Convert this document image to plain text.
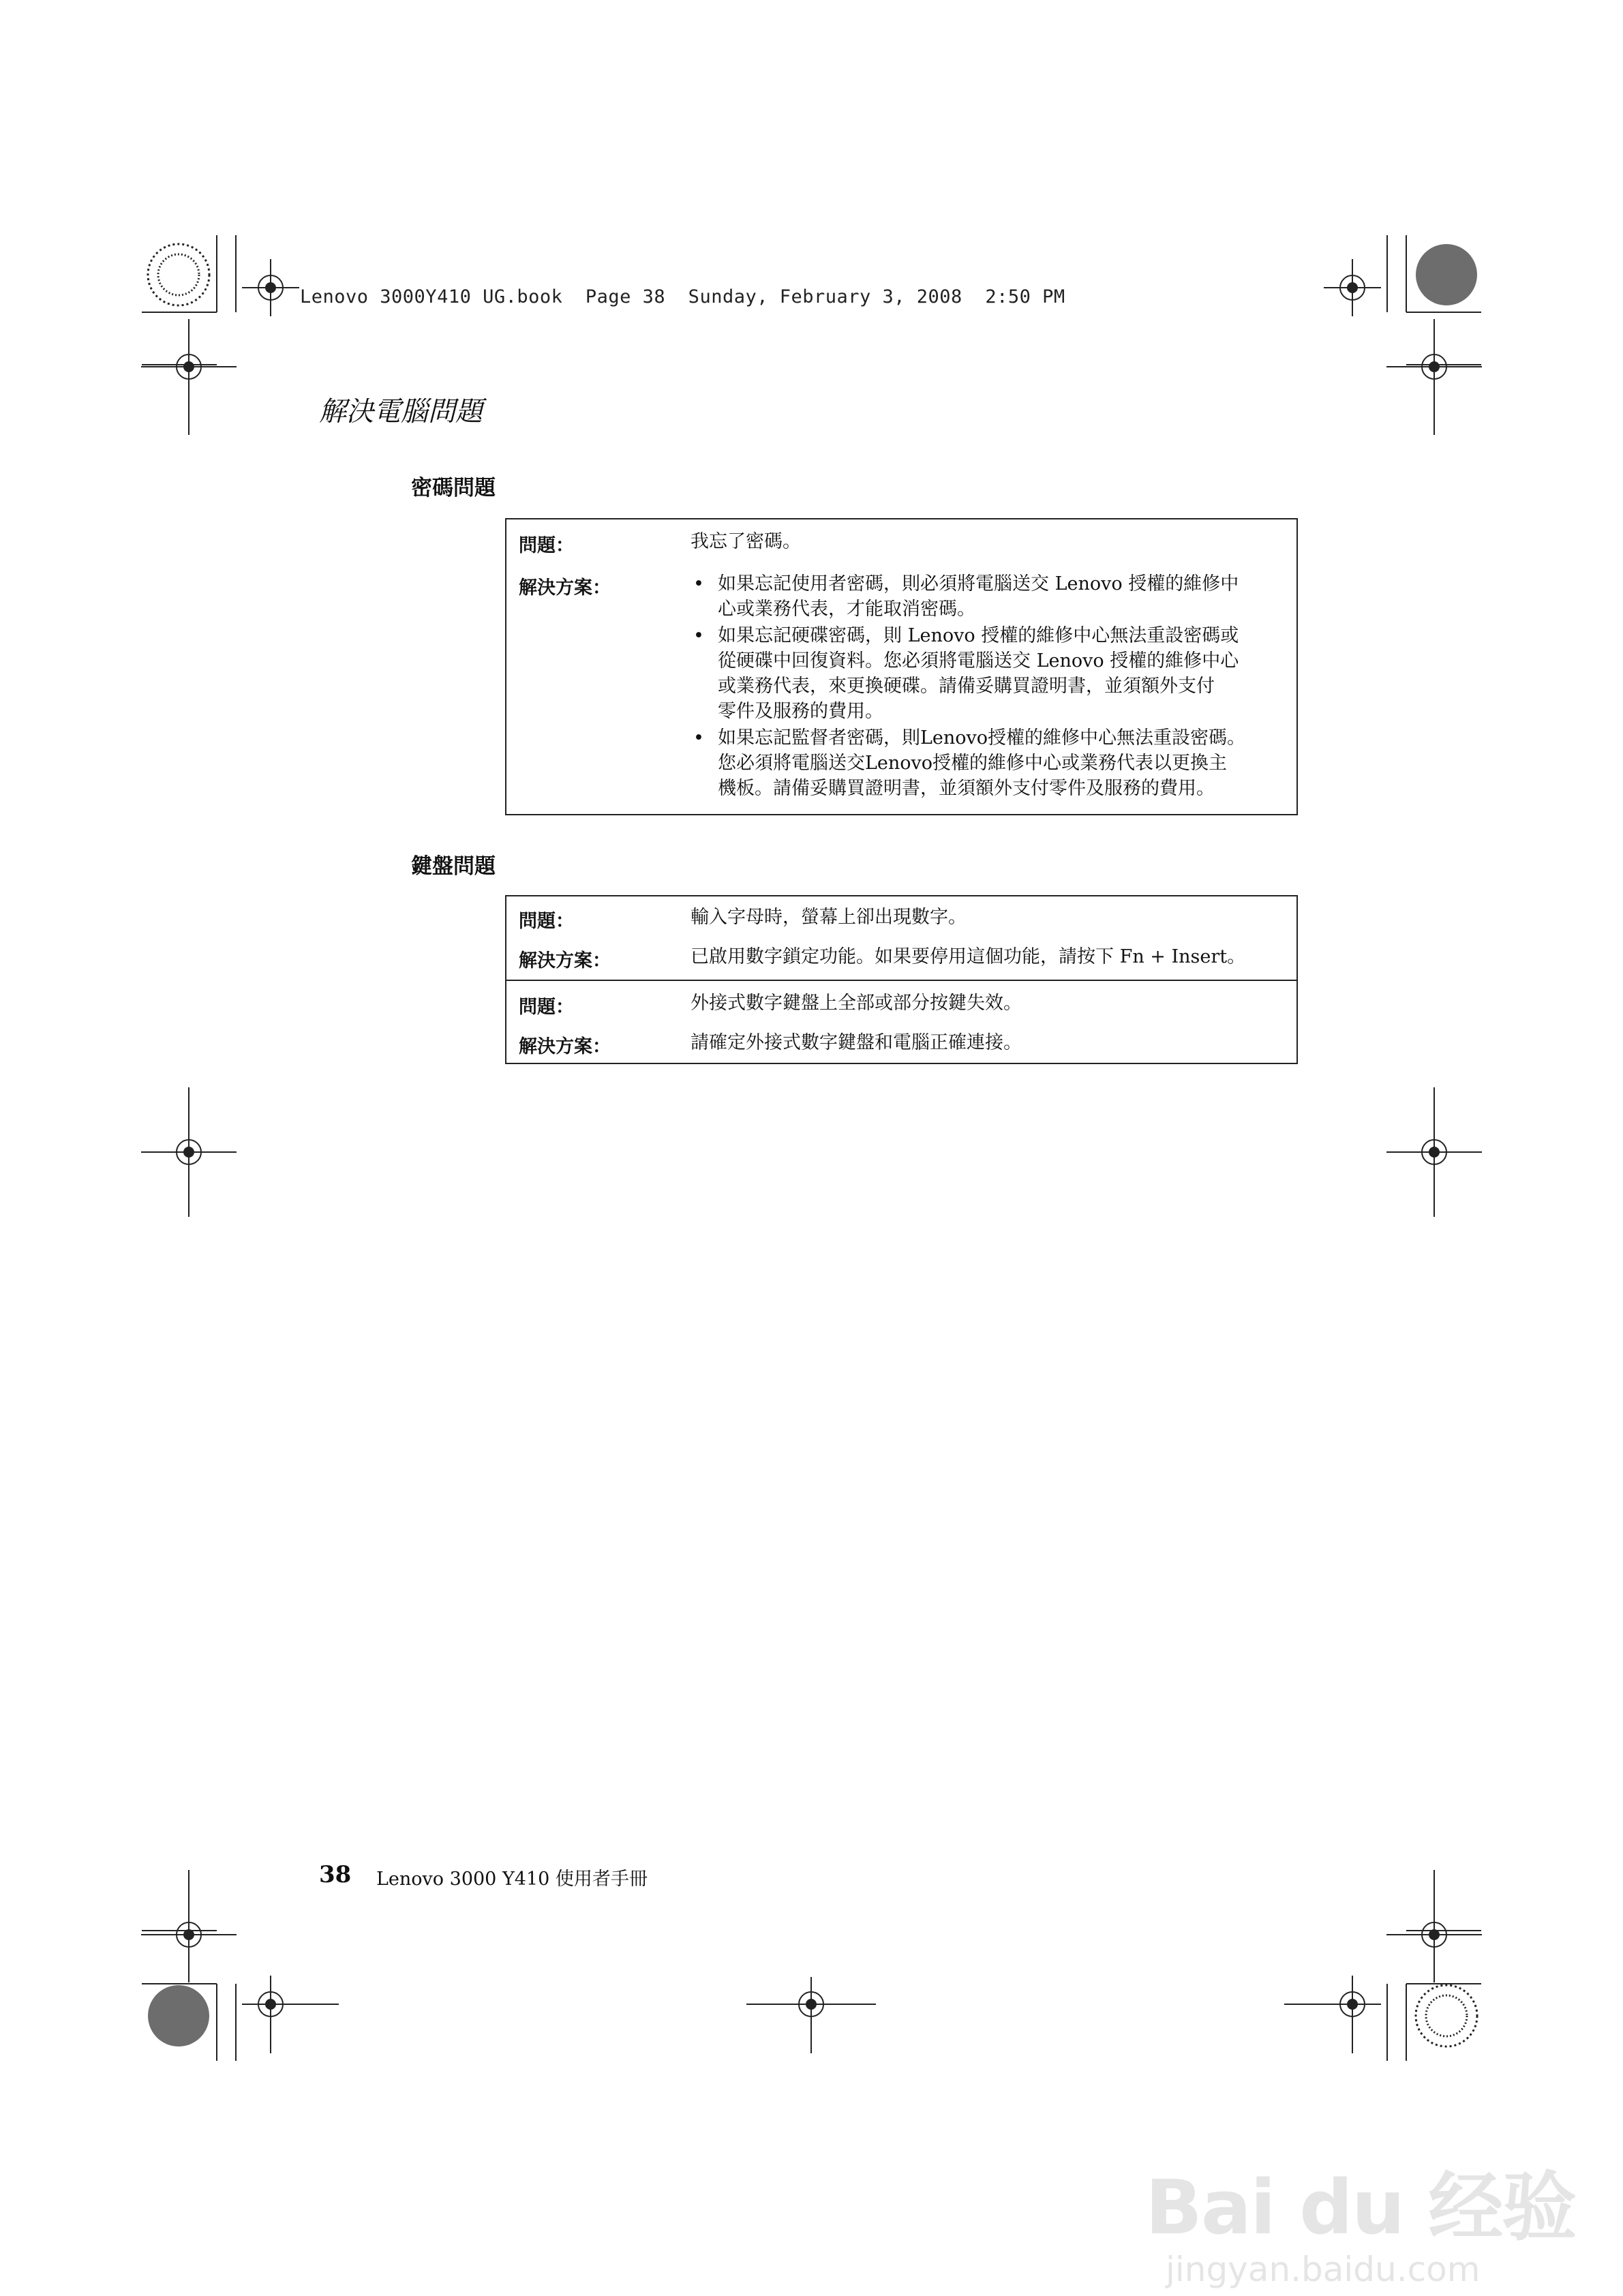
Lenovo 3000Y410 UG.book  Page 38  Sunday, February 3, 2008  2:50 PM
解決電腦問題
密碼問題
問題：	我忘了密碼。
解決方案：	• 如果忘記使用者密碼，則必須將電腦送交 Lenovo 授權的維修中
心或業務代表，才能取消密碼。
• 如果忘記硬碟密碼，則 Lenovo 授權的維修中心無法重設密碼或
從硬碟中回復資料。您必須將電腦送交 Lenovo 授權的維修中心
或業務代表，來更換硬碟。請備妥購買證明書，並須額外支付
零件及服務的費用。
• 如果忘記監督者密碼，則Lenovo授權的維修中心無法重設密碼。
您必須將電腦送交Lenovo授權的維修中心或業務代表以更換主
機板。請備妥購買證明書，並須額外支付零件及服務的費用。
鍵盤問題
問題：	輸入字母時，螢幕上卻出現數字。
解決方案：	已啟用數字鎖定功能。如果要停用這個功能，請按下 Fn + Insert。
問題：	外接式數字鍵盤上全部或部分按鍵失效。
解決方案：	請確定外接式數字鍵盤和電腦正確連接。
38 Lenovo 3000 Y410 使用者手冊
Bai du 经验
jingyan.baidu.com
